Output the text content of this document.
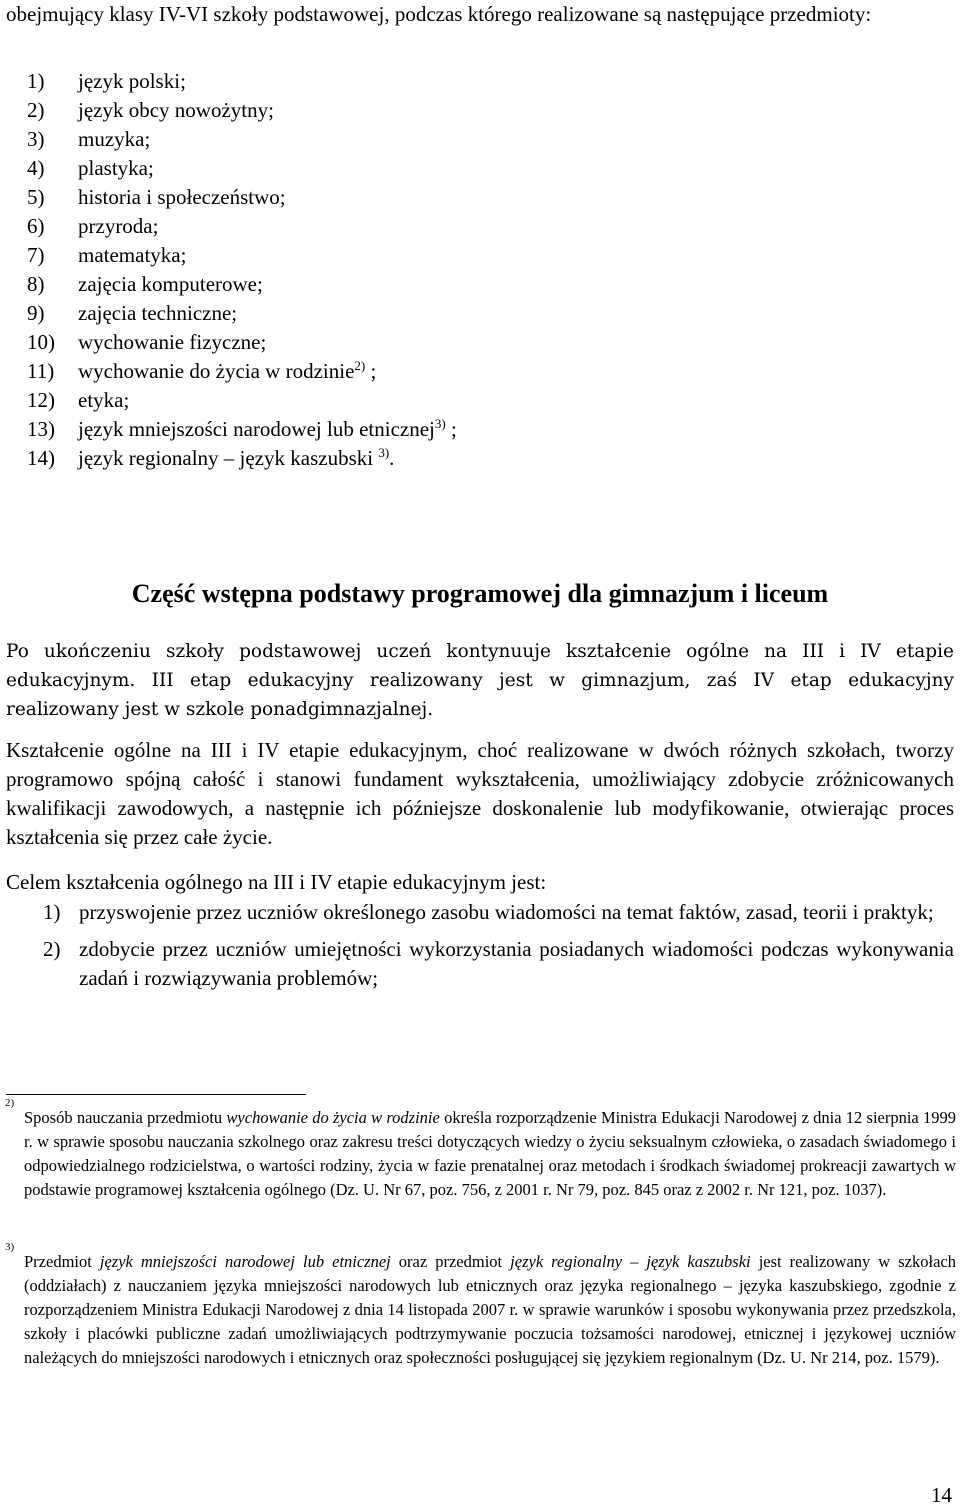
obejmujący klasy IV-VI szkoły podstawowej, podczas którego realizowane są następujące przedmioty:

1) język polski;
2) język obcy nowożytny;
3) muzyka;
4) plastyka;
5) historia i społeczeństwo;
6) przyroda;
7) matematyka;
8) zajęcia komputerowe;
9) zajęcia techniczne;
10) wychowanie fizyczne;
11) wychowanie do życia w rodzinie$^{2)}$ ;
12) etyka;
13) język mniejszości narodowej lub etnicznej$^{3)}$ ;
14) język regionalny – język kaszubski $^{3)}$.
Część wstępna podstawy programowej dla gimnazjum i liceum

Po ukończeniu szkoły podstawowej uczeń kontynuuje kształcenie ogólne na III i IV etapie edukacyjnym. III etap edukacyjny realizowany jest w gimnazjum, zaś IV etap edukacyjny realizowany jest w szkole ponadgimnazjalnej.

Kształcenie ogólne na III i IV etapie edukacyjnym, choć realizowane w dwóch różnych szkołach, tworzy programowo spójną całość i stanowi fundament wykształcenia, umożliwiający zdobycie zróżnicowanych kwalifikacji zawodowych, a następnie ich późniejsze doskonalenie lub modyfikowanie, otwierając proces kształcenia się przez całe życie.

Celem kształcenia ogólnego na III i IV etapie edukacyjnym jest:

1) przyswojenie przez uczniów określonego zasobu wiadomości na temat faktów, zasad, teorii i praktyk;
2) zdobycie przez uczniów umiejętności wykorzystania posiadanych wiadomości podczas wykonywania zadań i rozwiązywania problemów;

2)
Sposób nauczania przedmiotu wychowanie do życia w rodzinie określa rozporządzenie Ministra Edukacji Narodowej z dnia 12 sierpnia 1999 r. w sprawie sposobu nauczania szkolnego oraz zakresu treści dotyczących wiedzy o życiu seksualnym człowieka, o zasadach świadomego i odpowiedzialnego rodzicielstwa, o wartości rodziny, życia w fazie prenatalnej oraz metodach i środkach świadomej prokreacji zawartych w podstawie programowej kształcenia ogólnego (Dz. U. Nr 67, poz. 756, z 2001 r. Nr 79, poz. 845 oraz z 2002 r. Nr 121, poz. 1037).

3)
Przedmiot język mniejszości narodowej lub etnicznej oraz przedmiot język regionalny – język kaszubski jest realizowany w szkołach (oddziałach) z nauczaniem języka mniejszości narodowych lub etnicznych oraz języka regionalnego – języka kaszubskiego, zgodnie z rozporządzeniem Ministra Edukacji Narodowej z dnia 14 listopada 2007 r. w sprawie warunków i sposobu wykonywania przez przedszkola, szkoły i placówki publiczne zadań umożliwiających podtrzymywanie poczucia tożsamości narodowej, etnicznej i językowej uczniów należących do mniejszości narodowych i etnicznych oraz społeczności posługującej się językiem regionalnym (Dz. U. Nr 214, poz. 1579).

14
